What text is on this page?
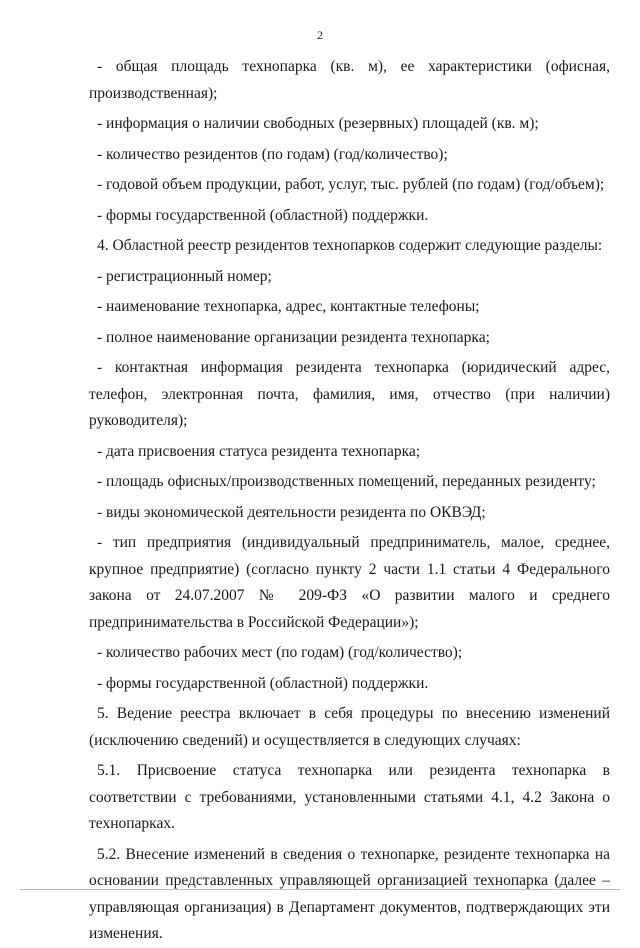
2

- общая площадь технопарка (кв. м), ее характеристики (офисная, производственная);

- информация о наличии свободных (резервных) площадей (кв. м);

- количество резидентов (по годам) (год/количество);

- годовой объем продукции, работ, услуг, тыс. рублей (по годам) (год/объем);

- формы государственной (областной) поддержки.

4. Областной реестр резидентов технопарков содержит следующие разделы:

- регистрационный номер;

- наименование технопарка, адрес, контактные телефоны;

- полное наименование организации резидента технопарка;

- контактная информация резидента технопарка (юридический адрес, телефон, электронная почта, фамилия, имя, отчество (при наличии) руководителя);

- дата присвоения статуса резидента технопарка;

- площадь офисных/производственных помещений, переданных резиденту;

- виды экономической деятельности резидента по ОКВЭД;

- тип предприятия (индивидуальный предприниматель, малое, среднее, крупное предприятие) (согласно пункту 2 части 1.1 статьи 4 Федерального закона от 24.07.2007 № 209-ФЗ «О развитии малого и среднего предпринимательства в Российской Федерации»);

- количество рабочих мест (по годам) (год/количество);

- формы государственной (областной) поддержки.

5. Ведение реестра включает в себя процедуры по внесению изменений (исключению сведений) и осуществляется в следующих случаях:

5.1. Присвоение статуса технопарка или резидента технопарка в соответствии с требованиями, установленными статьями 4.1, 4.2 Закона о технопарках.

5.2. Внесение изменений в сведения о технопарке, резиденте технопарка на основании представленных управляющей организацией технопарка (далее – управляющая организация) в Департамент документов, подтверждающих эти изменения.
